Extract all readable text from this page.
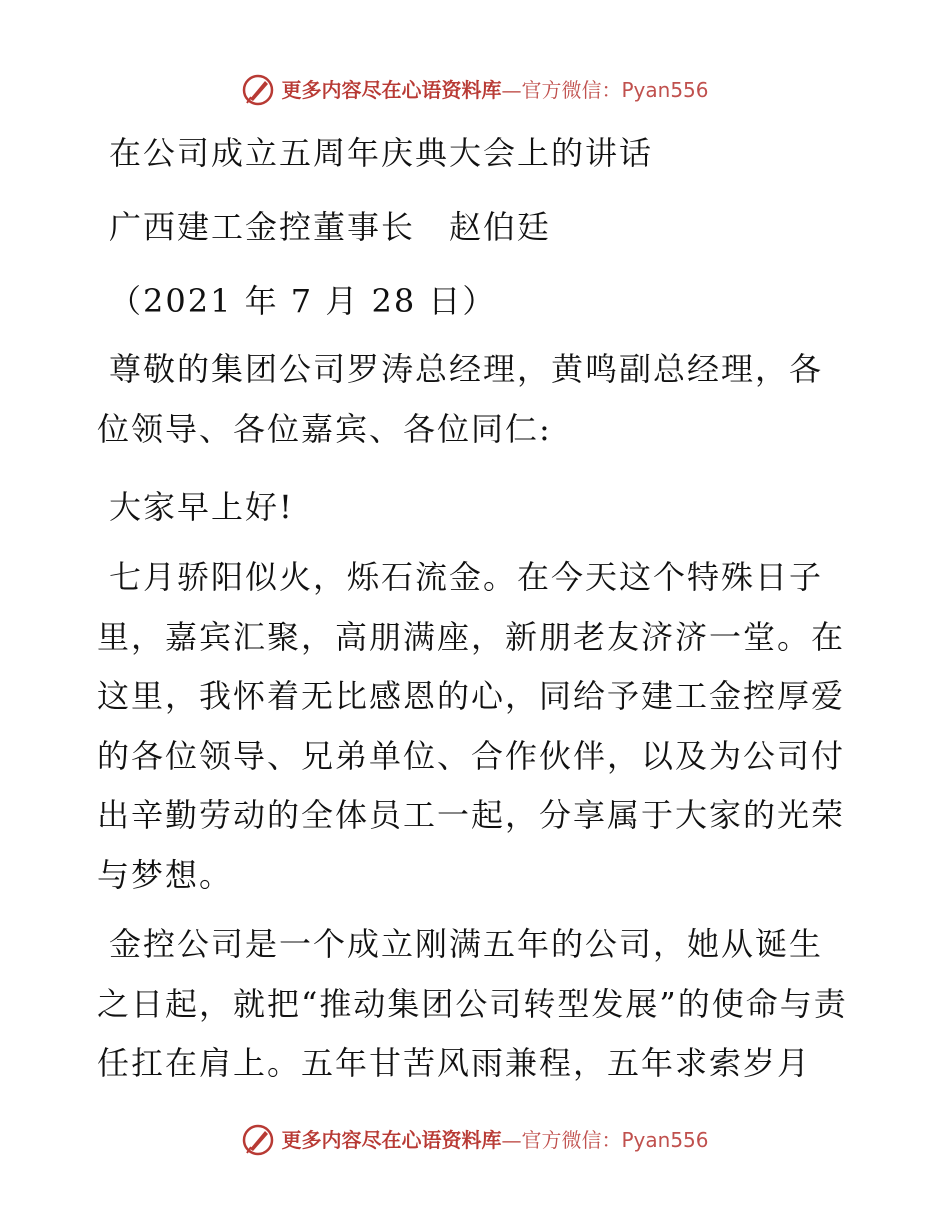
更多内容尽在心语资料库—官方微信：Pyan556
在公司成立五周年庆典大会上的讲话
广西建工金控董事长　赵伯廷
（2021 年 7 月 28 日）
尊敬的集团公司罗涛总经理，黄鸣副总经理，各位领导、各位嘉宾、各位同仁:
大家早上好!
七月骄阳似火，烁石流金。在今天这个特殊日子里，嘉宾汇聚，高朋满座，新朋老友济济一堂。在这里，我怀着无比感恩的心，同给予建工金控厚爱的各位领导、兄弟单位、合作伙伴，以及为公司付出辛勤劳动的全体员工一起，分享属于大家的光荣与梦想。
金控公司是一个成立刚满五年的公司，她从诞生之日起，就把“推动集团公司转型发展”的使命与责任扛在肩上。五年甘苦风雨兼程，五年求索岁月
更多内容尽在心语资料库—官方微信：Pyan556
